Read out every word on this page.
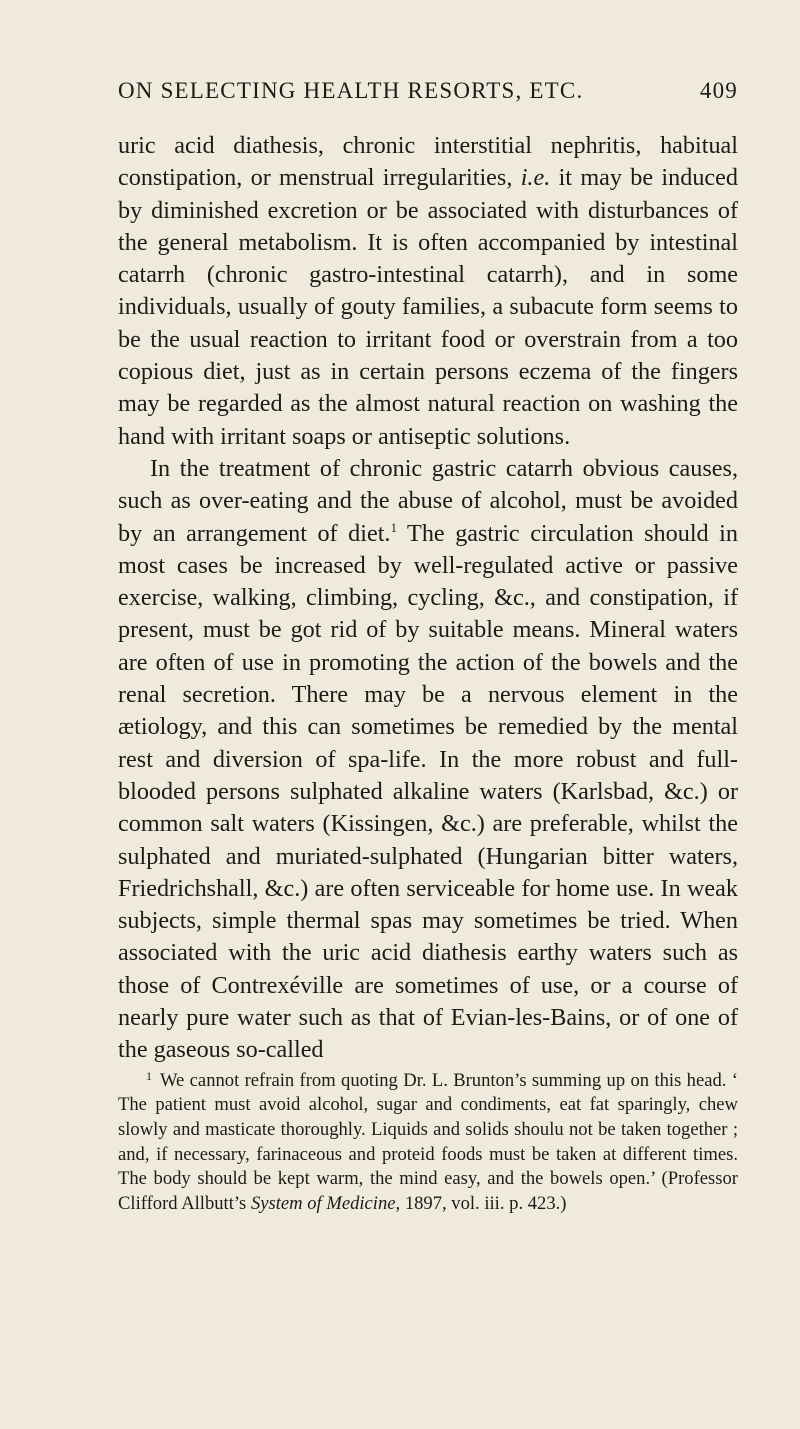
ON SELECTING HEALTH RESORTS, ETC.	409

uric acid diathesis, chronic interstitial nephritis, habitual constipation, or menstrual irregularities, i.e. it may be induced by diminished excretion or be associated with disturbances of the general metabolism. It is often accompanied by intestinal catarrh (chronic gastro-intestinal catarrh), and in some individuals, usually of gouty families, a subacute form seems to be the usual reaction to irritant food or overstrain from a too copious diet, just as in certain persons eczema of the fingers may be regarded as the almost natural reaction on washing the hand with irritant soaps or antiseptic solutions.

In the treatment of chronic gastric catarrh obvious causes, such as over-eating and the abuse of alcohol, must be avoided by an arrangement of diet.$^1$ The gastric circulation should in most cases be increased by well-regulated active or passive exercise, walking, climbing, cycling, &c., and constipation, if present, must be got rid of by suitable means. Mineral waters are often of use in promoting the action of the bowels and the renal secretion. There may be a nervous element in the ætiology, and this can sometimes be remedied by the mental rest and diversion of spa-life. In the more robust and full-blooded persons sulphated alkaline waters (Karlsbad, &c.) or common salt waters (Kissingen, &c.) are preferable, whilst the sulphated and muriated-sulphated (Hungarian bitter waters, Friedrichshall, &c.) are often serviceable for home use. In weak subjects, simple thermal spas may sometimes be tried. When associated with the uric acid diathesis earthy waters such as those of Contrexéville are sometimes of use, or a course of nearly pure water such as that of Evian-les-Bains, or of one of the gaseous so-called

$^1$ We cannot refrain from quoting Dr. L. Brunton’s summing up on this head. ‘ The patient must avoid alcohol, sugar and condiments, eat fat sparingly, chew slowly and masticate thoroughly. Liquids and solids shoulu not be taken together ; and, if necessary, farinaceous and proteid foods must be taken at different times. The body should be kept warm, the mind easy, and the bowels open.’ (Professor Clifford Allbutt’s System of Medicine, 1897, vol. iii. p. 423.)
